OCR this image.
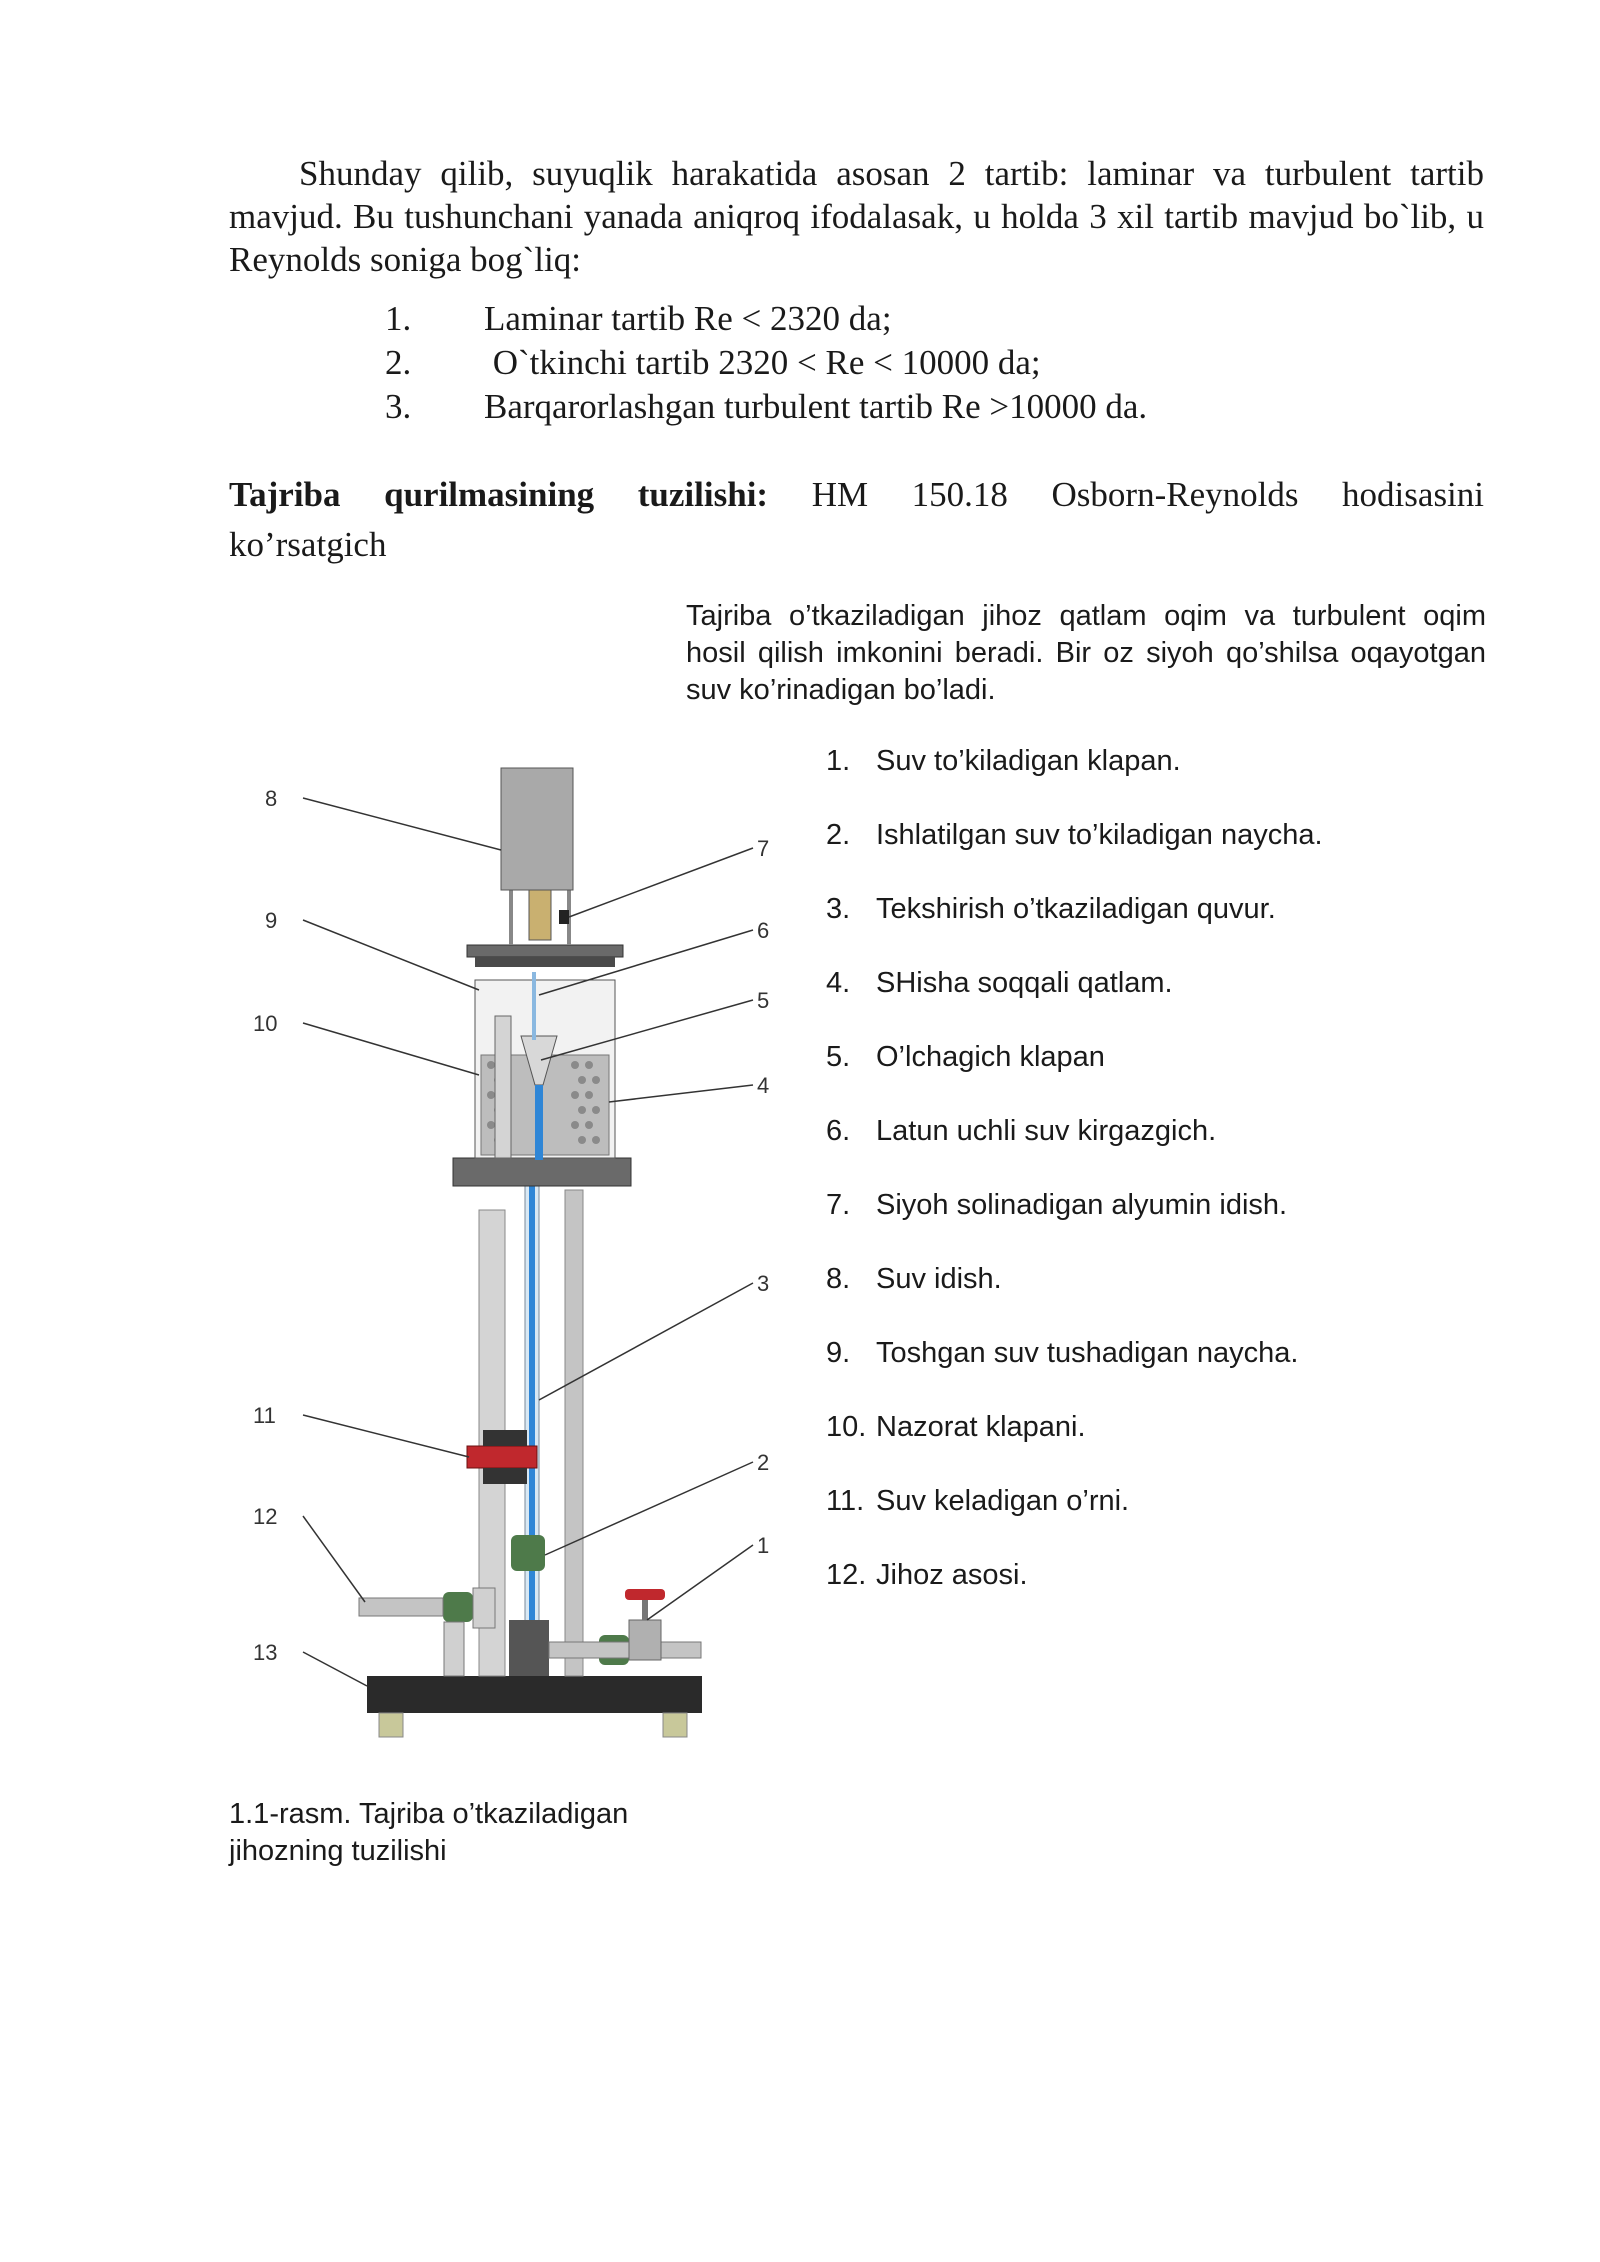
Shunday qilib, suyuqlik harakatida asosan 2 tartib: laminar va turbulent tartib mavjud. Bu tushunchani yanada aniqroq ifodalasak, u holda 3 xil tartib mavjud bo`lib, u Reynolds soniga bog`liq:

1. Laminar tartib Re < 2320 da;
2. O`tkinchi tartib 2320 < Re < 10000 da;
3. Barqarorlashgan turbulent tartib Re >10000 da.
Tajriba qurilmasining tuzilishi: HM 150.18 Osborn-Reynolds hodisasini
ko’rsatgich
Tajriba o’tkaziladigan jihoz qatlam oqim va turbulent oqim hosil qilish imkonini beradi. Bir oz siyoh qo’shilsa oqayotgan suv ko’rinadigan bo’ladi.
8
9
10
11
12
13
7
6
5
4
3
2
1
1. Suv to’kiladigan klapan.
2. Ishlatilgan suv to’kiladigan naycha.
3. Tekshirish o’tkaziladigan quvur.
4. SHisha soqqali qatlam.
5. O’lchagich klapan
6. Latun uchli suv kirgazgich.
7. Siyoh solinadigan alyumin idish.
8. Suv idish.
9. Toshgan suv tushadigan naycha.
10. Nazorat klapani.
11. Suv keladigan o’rni.
12. Jihoz asosi.
1.1-rasm. Tajriba o’tkaziladigan jihozning tuzilishi
